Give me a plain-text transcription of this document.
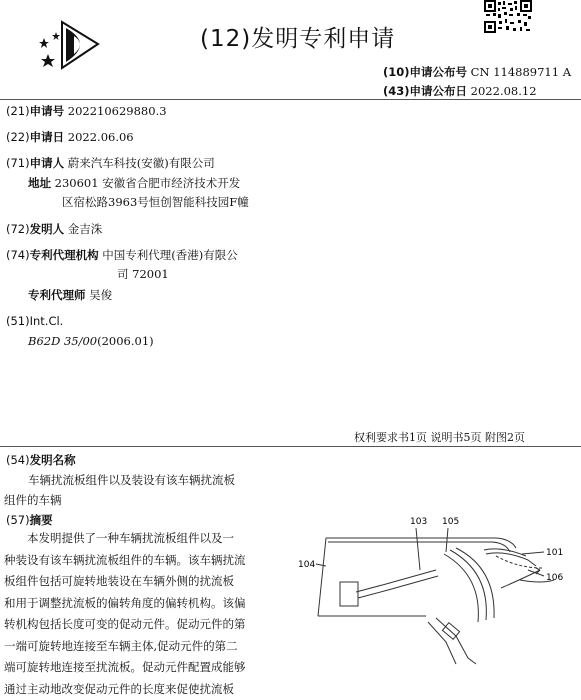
(12)发明专利申请
(10)申请公布号 CN 114889711 A
(43)申请公布日 2022.08.12
(21)申请号 202210629880.3
(22)申请日 2022.06.06
(71)申请人 蔚来汽车科技(安徽)有限公司
地址 230601 安徽省合肥市经济技术开发
区宿松路3963号恒创智能科技园F幢
(72)发明人 金吉洙
(74)专利代理机构 中国专利代理(香港)有限公
司 72001
专利代理师 吴俊
(51)Int.Cl.
B62D 35/00(2006.01)
权利要求书1页 说明书5页 附图2页
(54)发明名称
车辆扰流板组件以及装设有该车辆扰流板
组件的车辆
(57)摘要

本发明提供了一种车辆扰流板组件以及一

种装设有该车辆扰流板组件的车辆。该车辆扰流
板组件包括可旋转地装设在车辆外侧的扰流板
和用于调整扰流板的偏转角度的偏转机构。该偏
转机构包括长度可变的促动元件。促动元件的第
一端可旋转地连接至车辆主体,促动元件的第二
端可旋转地连接至扰流板。促动元件配置成能够
通过主动地改变促动元件的长度来促使扰流板
103 105
101
104
106
